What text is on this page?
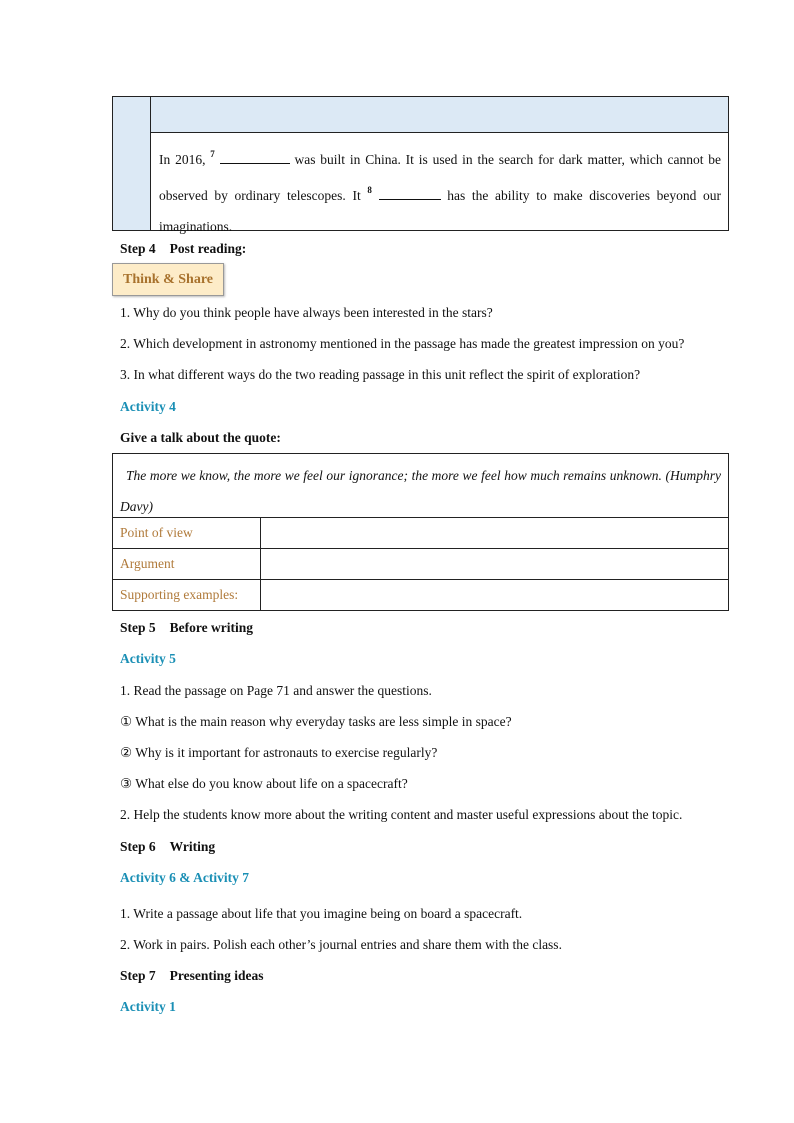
In 2016, $^7$	was built in China. It is used in the search for dark matter, which cannot be observed by ordinary telescopes. It $^8$	has the ability to make discoveries beyond our imaginations.
Step 4 Post reading:
Think & Share
1. Why do you think people have always been interested in the stars?
2. Which development in astronomy mentioned in the passage has made the greatest impression on you?
3. In what different ways do the two reading passage in this unit reflect the spirit of exploration?
Activity 4
Give a talk about the quote:
The more we know, the more we feel our ignorance; the more we feel how much remains unknown. (Humphry Davy)
Point of view
Argument
Supporting examples:
Step 5 Before writing
Activity 5
1. Read the passage on Page 71 and answer the questions.
① What is the main reason why everyday tasks are less simple in space?
② Why is it important for astronauts to exercise regularly?
③ What else do you know about life on a spacecraft?
2. Help the students know more about the writing content and master useful expressions about the topic.
Step 6 Writing
Activity 6 & Activity 7
1. Write a passage about life that you imagine being on board a spacecraft.
2. Work in pairs. Polish each other’s journal entries and share them with the class.
Step 7 Presenting ideas
Activity 1
